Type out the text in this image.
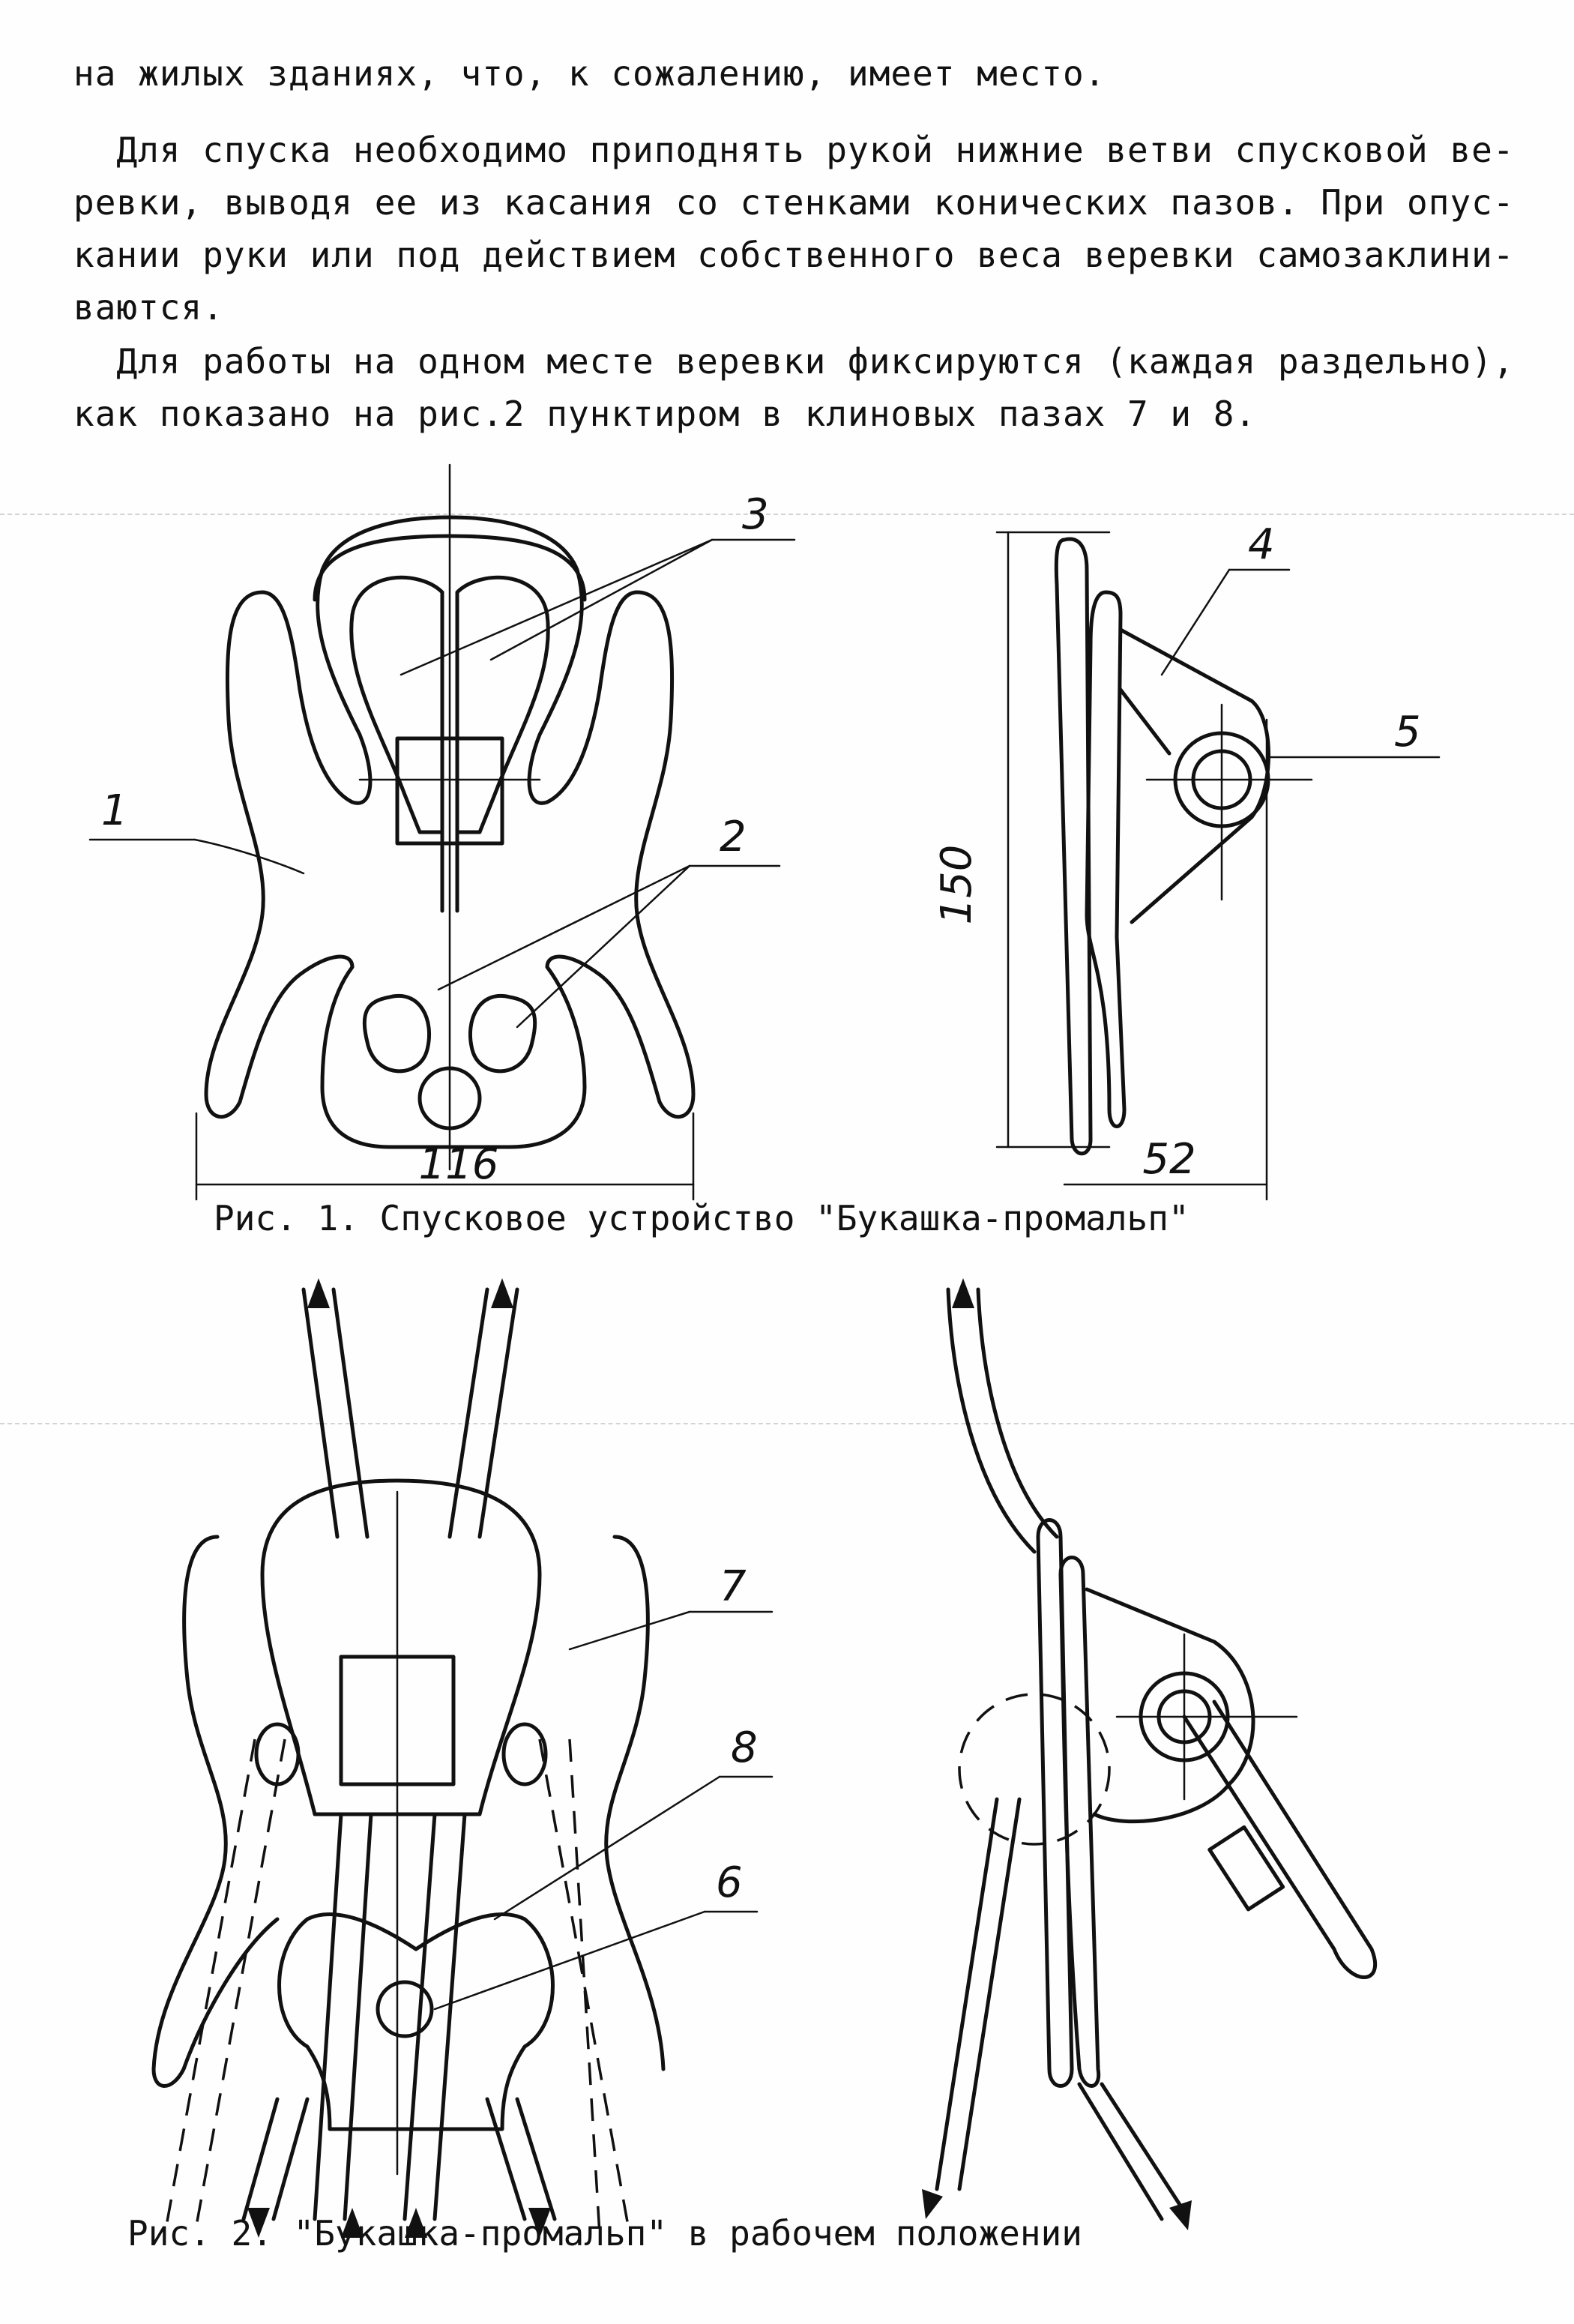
на жилых зданиях, что, к сожалению, имеет место.
Для спуска необходимо приподнять рукой нижние ветви спусковой ве-
ревки, выводя ее из касания со стенками конических пазов. При опус-
кании руки или под действием собственного веса веревки самозаклини-
ваются.
Для работы на одном месте веревки фиксируются (каждая раздельно),
как показано на рис.2 пунктиром в клиновых пазах 7 и 8.
116
1
2
3
150
52
4
5
Рис. 1. Спусковое устройство "Букашка-промальп"
7
8
6
Рис. 2. "Букашка-промальп" в рабочем положении
